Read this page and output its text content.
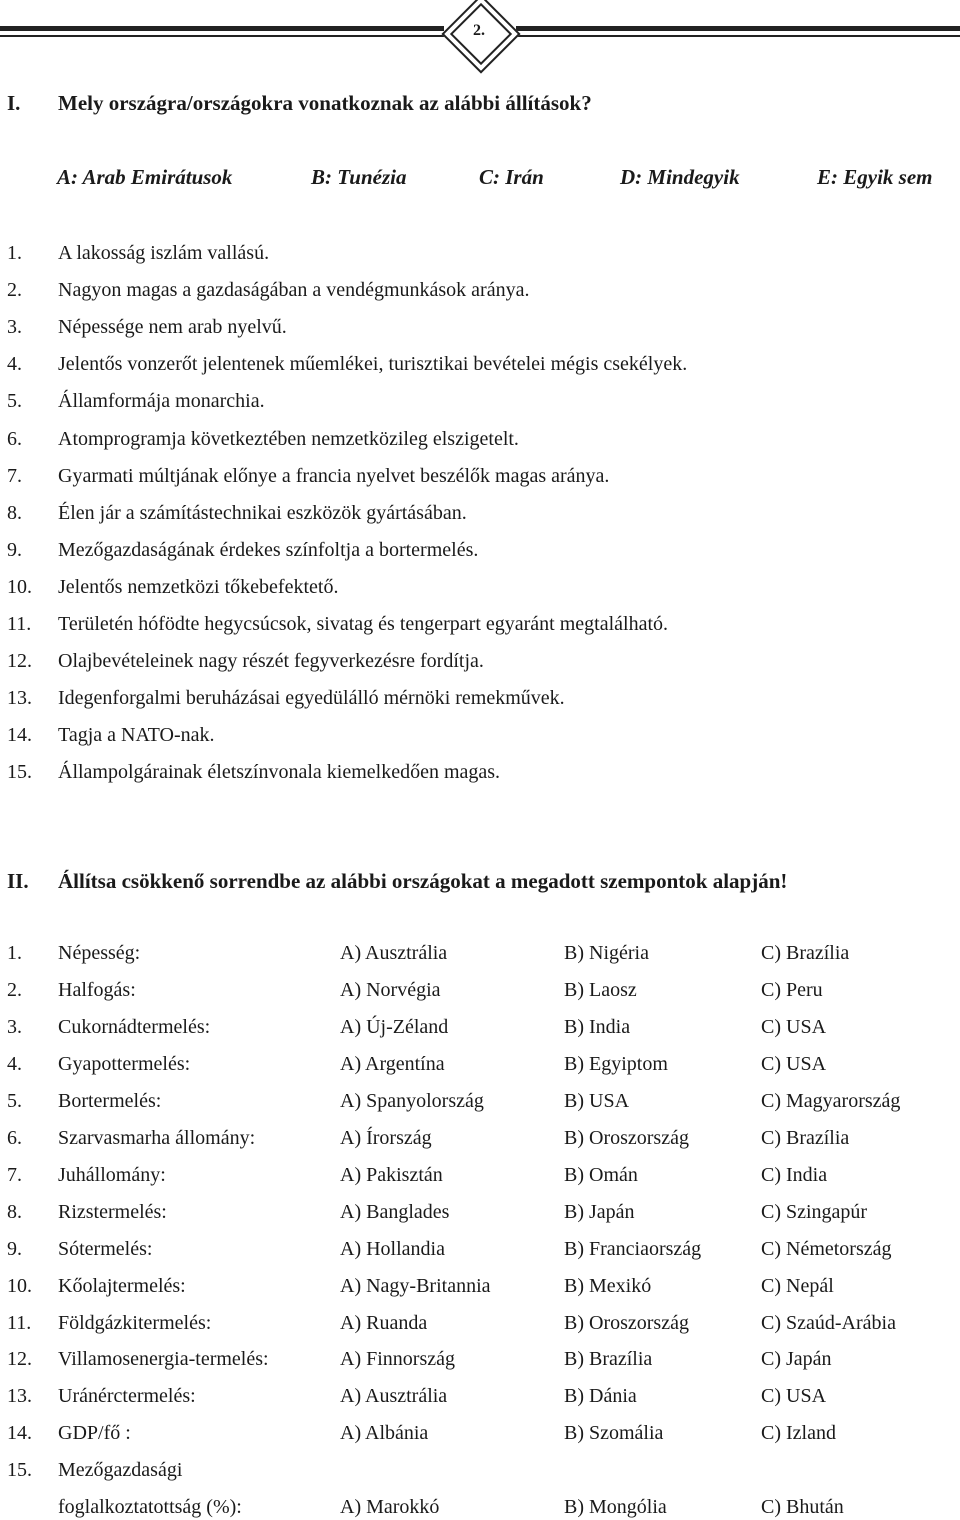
2.
I. Mely országra/országokra vonatkoznak az alábbi állítások?
A: Arab Emirátusok	B: Tunézia	C: Irán	D: Mindegyik	E: Egyik sem
1. A lakosság iszlám vallású.
2. Nagyon magas a gazdaságában a vendégmunkások aránya.
3. Népessége nem arab nyelvű.
4. Jelentős vonzerőt jelentenek műemlékei, turisztikai bevételei mégis csekélyek.
5. Államformája monarchia.
6. Atomprogramja következtében nemzetközileg elszigetelt.
7. Gyarmati múltjának előnye a francia nyelvet beszélők magas aránya.
8. Élen jár a számítástechnikai eszközök gyártásában.
9. Mezőgazdaságának érdekes színfoltja a bortermelés.
10. Jelentős nemzetközi tőkebefektető.
11. Területén hófödte hegycsúcsok, sivatag és tengerpart egyaránt megtalálható.
12. Olajbevételeinek nagy részét fegyverkezésre fordítja.
13. Idegenforgalmi beruházásai egyedülálló mérnöki remekművek.
14. Tagja a NATO-nak.
15. Állampolgárainak életszínvonala kiemelkedően magas.
II. Állítsa csökkenő sorrendbe az alábbi országokat a megadott szempontok alapján!
1. Népesség:	A) Ausztrália	B) Nigéria	C) Brazília
2. Halfogás:	A) Norvégia	B) Laosz	C) Peru
3. Cukornádtermelés:	A) Új-Zéland	B) India	C) USA
4. Gyapottermelés:	A) Argentína	B) Egyiptom	C) USA
5. Bortermelés:	A) Spanyolország	B) USA	C) Magyarország
6. Szarvasmarha állomány:	A) Írország	B) Oroszország	C) Brazília
7. Juhállomány:	A) Pakisztán	B) Omán	C) India
8. Rizstermelés:	A) Banglades	B) Japán	C) Szingapúr
9. Sótermelés:	A) Hollandia	B) Franciaország	C) Németország
10. Kőolajtermelés:	A) Nagy-Britannia	B) Mexikó	C) Nepál
11. Földgázkitermelés:	A) Ruanda	B) Oroszország	C) Szaúd-Arábia
12. Villamosenergia-termelés:	A) Finnország	B) Brazília	C) Japán
13. Uránérctermelés:	A) Ausztrália	B) Dánia	C) USA
14. GDP/fő :	A) Albánia	B) Szomália	C) Izland
15. Mezőgazdasági
foglalkoztatottság (%):	A) Marokkó	B) Mongólia	C) Bhután
